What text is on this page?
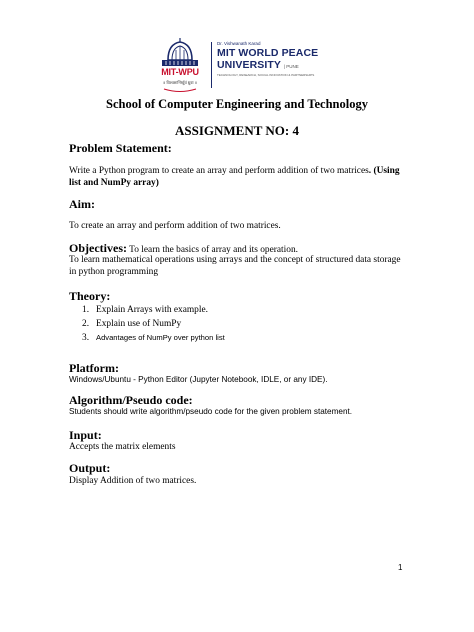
MIT-WPU
॥ विश्वशान्तिर्ध्रुवं ध्रुवा ॥
Dr. Vishwanath Karad
MIT WORLD PEACE
UNIVERSITY | PUNE
TECHNOLOGY, RESEARCH, SOCIAL INNOVATION & PARTNERSHIPS
School of Computer Engineering and Technology
ASSIGNMENT NO: 4
Problem Statement:
Write a Python program to create an array and perform addition of two matrices. (Using
list and NumPy array)
Aim:
To create an array and perform addition of two matrices.
Objectives: To learn the basics of array and its operation.
To learn mathematical operations using arrays and the concept of structured data storage
in python programming
Theory:
1. Explain Arrays with example.
2. Explain use of NumPy
3. Advantages of NumPy over python list
Platform:
Windows/Ubuntu - Python Editor (Jupyter Notebook, IDLE, or any IDE).
Algorithm/Pseudo code:
Students should write algorithm/pseudo code for the given problem statement.
Input:
Accepts the matrix elements
Output:
Display Addition of two matrices.
1
